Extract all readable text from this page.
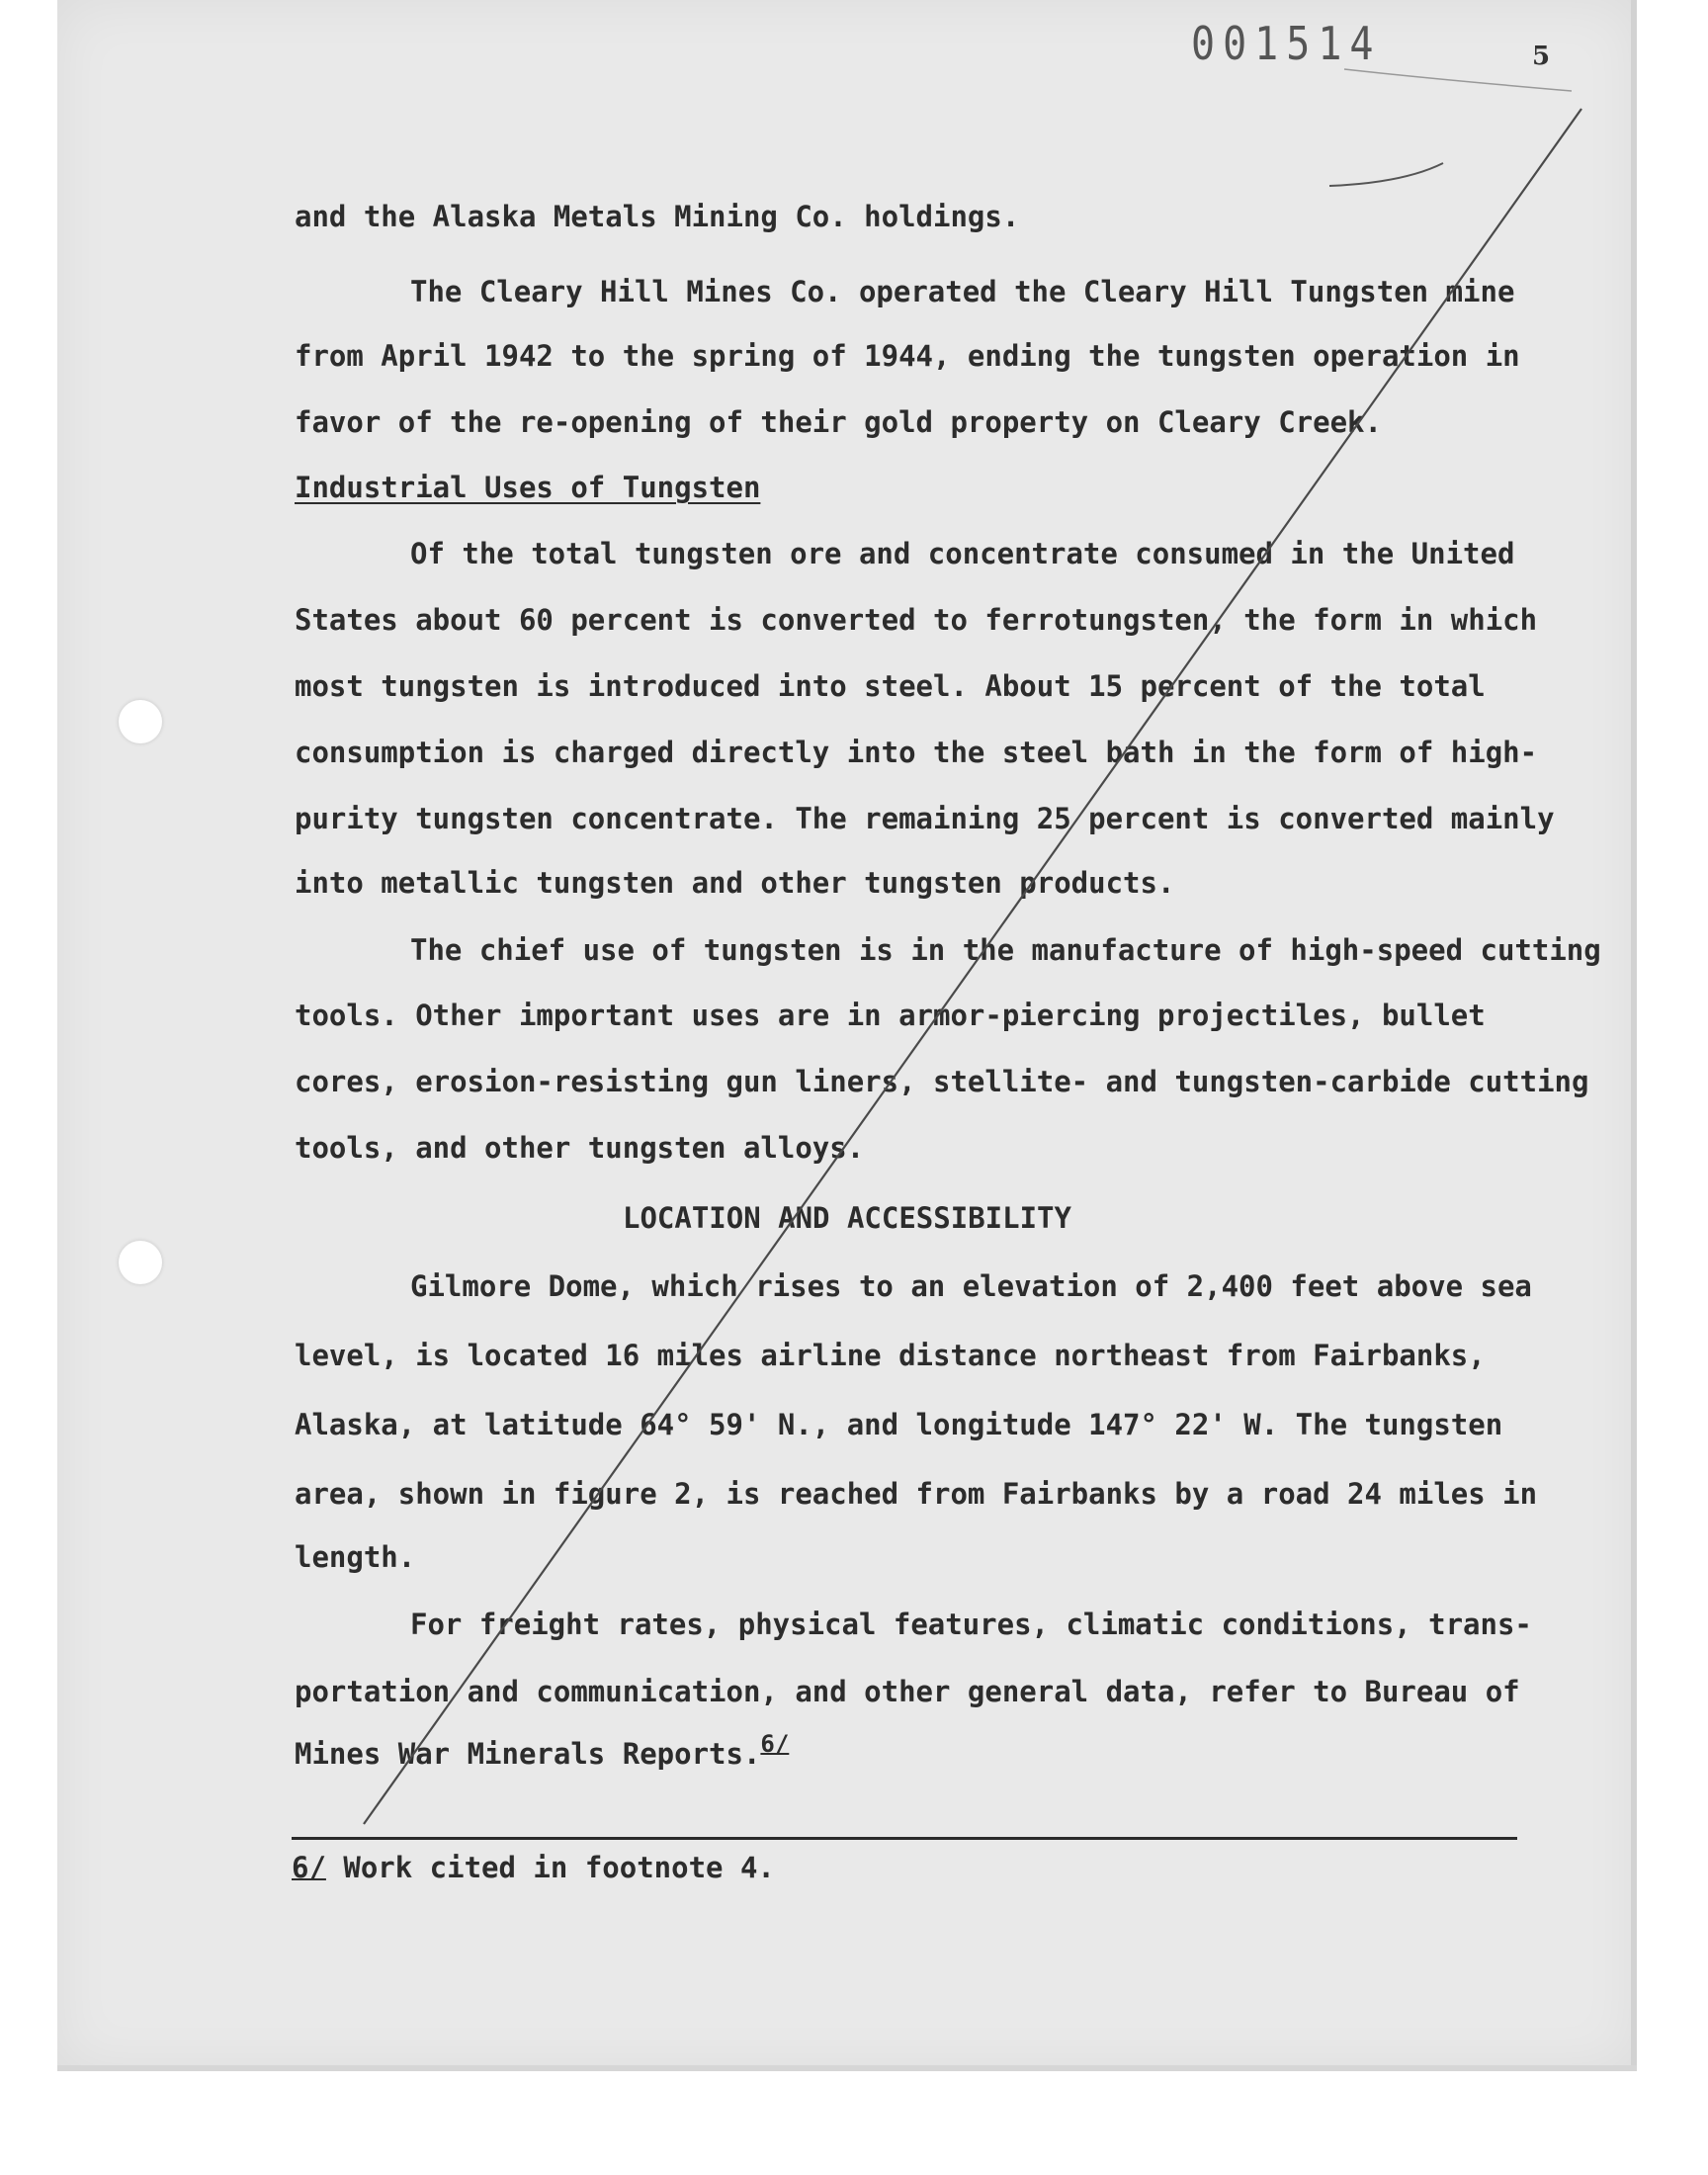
001514	5
and the Alaska Metals Mining Co. holdings.
The Cleary Hill Mines Co. operated the Cleary Hill Tungsten mine
from April 1942 to the spring of 1944, ending the tungsten operation in
favor of the re-opening of their gold property on Cleary Creek.
Industrial Uses of Tungsten
Of the total tungsten ore and concentrate consumed in the United
States about 60 percent is converted to ferrotungsten, the form in which
most tungsten is introduced into steel. About 15 percent of the total
consumption is charged directly into the steel bath in the form of high-
purity tungsten concentrate. The remaining 25 percent is converted mainly
into metallic tungsten and other tungsten products.
The chief use of tungsten is in the manufacture of high-speed cutting
tools. Other important uses are in armor-piercing projectiles, bullet
cores, erosion-resisting gun liners, stellite- and tungsten-carbide cutting
tools, and other tungsten alloys.
LOCATION AND ACCESSIBILITY
Gilmore Dome, which rises to an elevation of 2,400 feet above sea
level, is located 16 miles airline distance northeast from Fairbanks,
Alaska, at latitude 64° 59' N., and longitude 147° 22' W. The tungsten
area, shown in figure 2, is reached from Fairbanks by a road 24 miles in
length.
For freight rates, physical features, climatic conditions, trans-
portation and communication, and other general data, refer to Bureau of
Mines War Minerals Reports.$^{6/}$
6/ Work cited in footnote 4.
